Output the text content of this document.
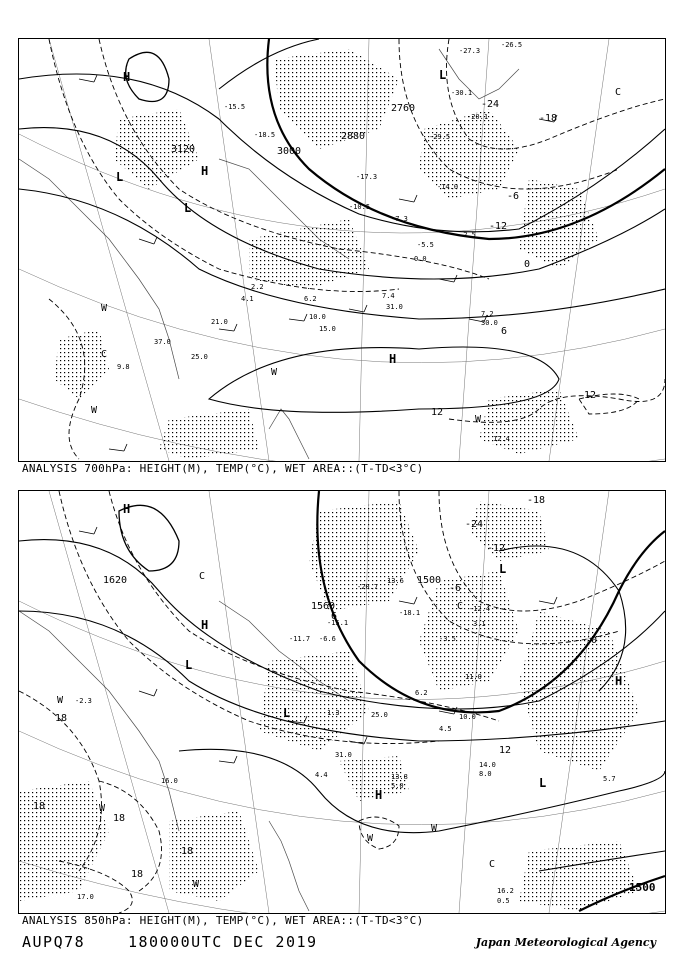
3120	3000
2880
2760	-24
-18
-12
-6
0
6
12
12
H
H
H
L
L
L
W
W
W
W
C
C
-18.5
-15.5
-10.5
-7.3
-5.5
-2.5
0.0
2.2
4.1	6.2	7.4
7.2
9.8
10.0
12.4
-26.5
-27.3
-30.1
-29.5
-20.1
-17.3
-14.0
21.0
15.0
25.0
30.0
37.0
31.0
ANALYSIS 700hPa: HEIGHT(M), TEMP(°C), WET AREA::(T-TD<3°C)
1620
1560
1500
1500
-24
-18
-12
-6
0
6
12
18
18
18
18
18
H
H
H
H
L
L
L
L
W
W
W
W
W
C
C
C
-20.7
-18.1
-15.1
-12.4
-11.7 -6.6	-3.5
-2.3
1.3
3.1
4.5
6.2
10.0
11.0
13.8
14.0
16.0
16.2
17.0
13.6
5.0
8.0
4.4
0.5
5.7
25.0
31.0
ANALYSIS 850hPa: HEIGHT(M), TEMP(°C), WET AREA::(T-TD<3°C)
AUPQ78	180000UTC DEC 2019	Japan Meteorological Agency
